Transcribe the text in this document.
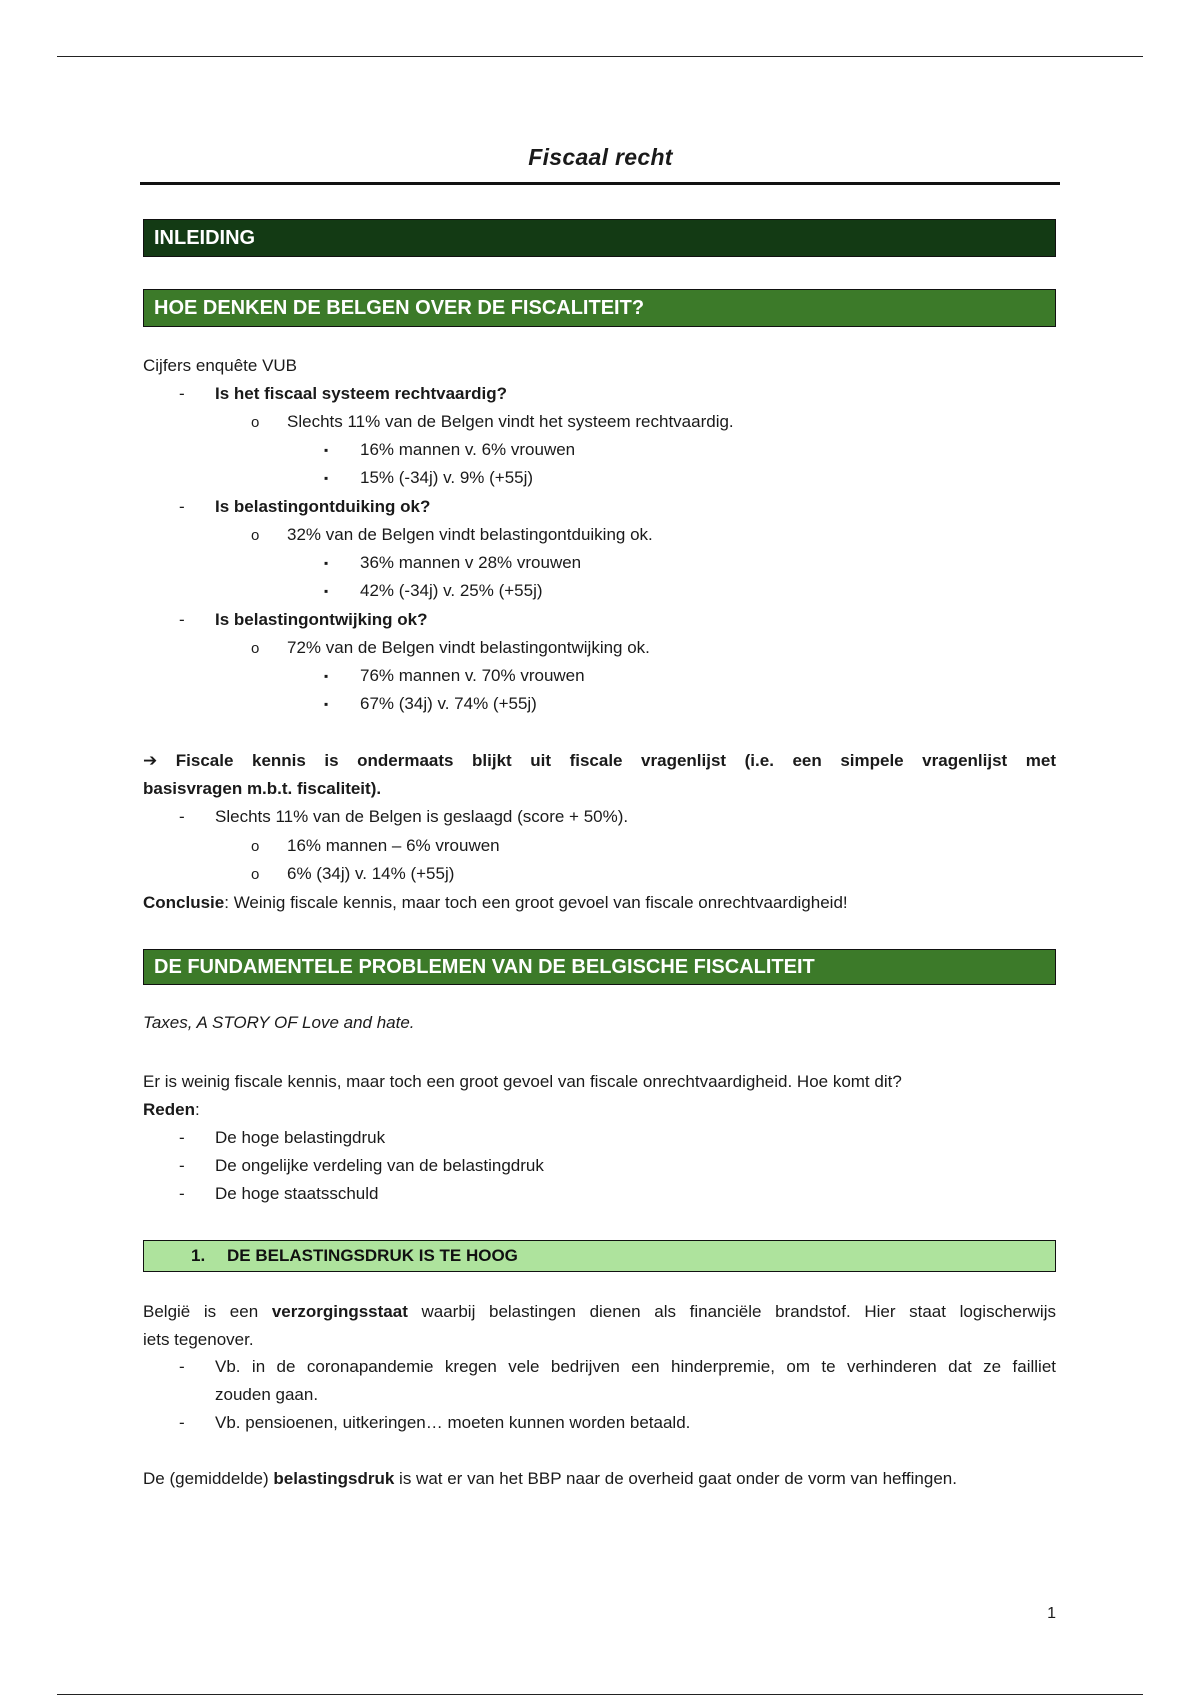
Fiscaal recht
INLEIDING
HOE DENKEN DE BELGEN OVER DE FISCALITEIT?
Cijfers enquête VUB
- Is het fiscaal systeem rechtvaardig?
o Slechts 11% van de Belgen vindt het systeem rechtvaardig.
▪ 16% mannen v. 6% vrouwen
▪ 15% (-34j) v. 9% (+55j)
- Is belastingontduiking ok?
o 32% van de Belgen vindt belastingontduiking ok.
▪ 36% mannen v 28% vrouwen
▪ 42% (-34j) v. 25% (+55j)
- Is belastingontwijking ok?
o 72% van de Belgen vindt belastingontwijking ok.
▪ 76% mannen v. 70% vrouwen
▪ 67% (34j) v. 74% (+55j)

➔ Fiscale kennis is ondermaats blijkt uit fiscale vragenlijst (i.e. een simpele vragenlijst met

basisvragen m.b.t. fiscaliteit).

- Slechts 11% van de Belgen is geslaagd (score + 50%).
o 16% mannen – 6% vrouwen
o 6% (34j) v. 14% (+55j)
Conclusie: Weinig fiscale kennis, maar toch een groot gevoel van fiscale onrechtvaardigheid!
DE FUNDAMENTELE PROBLEMEN VAN DE BELGISCHE FISCALITEIT
Taxes, A STORY OF Love and hate.
Er is weinig fiscale kennis, maar toch een groot gevoel van fiscale onrechtvaardigheid. Hoe komt dit?
Reden:
- De hoge belastingdruk
- De ongelijke verdeling van de belastingdruk
- De hoge staatsschuld
1.	DE BELASTINGSDRUK IS TE HOOG

België is een verzorgingsstaat waarbij belastingen dienen als financiële brandstof. Hier staat logischerwijs

iets tegenover.

- Vb. in de coronapandemie kregen vele bedrijven een hinderpremie, om te verhinderen dat ze failliet

zouden gaan.

- Vb. pensioenen, uitkeringen… moeten kunnen worden betaald.
De (gemiddelde) belastingsdruk is wat er van het BBP naar de overheid gaat onder de vorm van heffingen.
1
